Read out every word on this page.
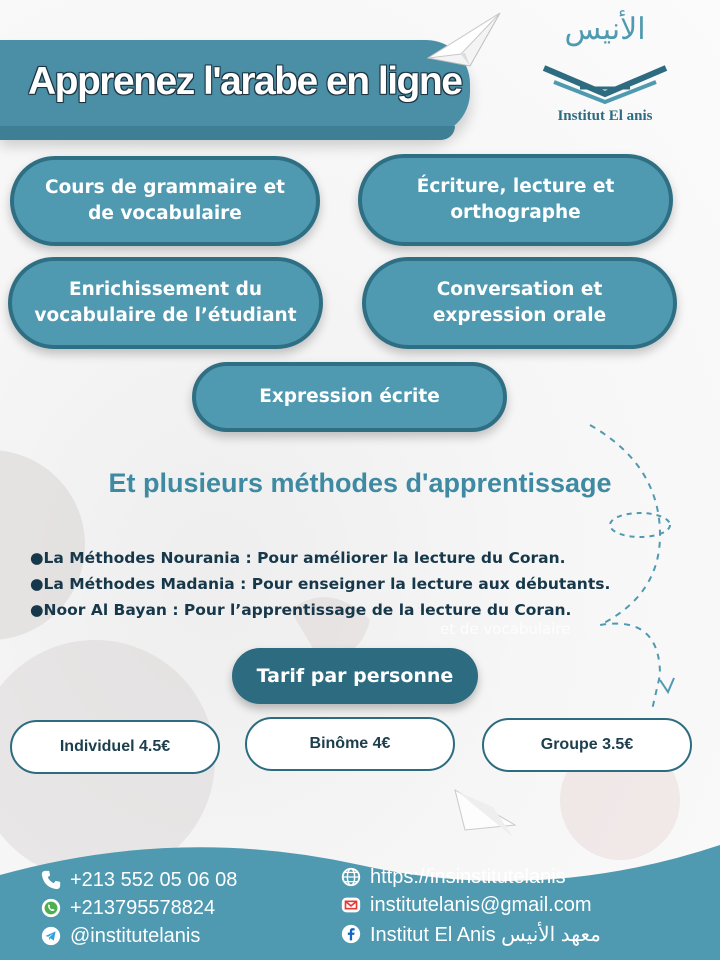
Apprenez l'arabe en ligne
الأنيس
Institut El anis
Cours de grammaire et de vocabulaire
Écriture, lecture et orthographe
Enrichissement du vocabulaire de l’étudiant
Conversation et expression orale
Expression écrite
Et plusieurs méthodes d'apprentissage
●La Méthodes Nourania : Pour améliorer la lecture du Coran.
●La Méthodes Madania : Pour enseigner la lecture aux débutants.
●Noor Al Bayan : Pour l’apprentissage de la lecture du Coran.
et de vocabulaire
Tarif par personne
Individuel 4.5€	Binôme 4€	Groupe 3.5€
+213 552 05 06 08
+213795578824
@institutelanis
https://insinstitutelanis
institutelanis@gmail.com
Institut El Anis معهد الأنيس
